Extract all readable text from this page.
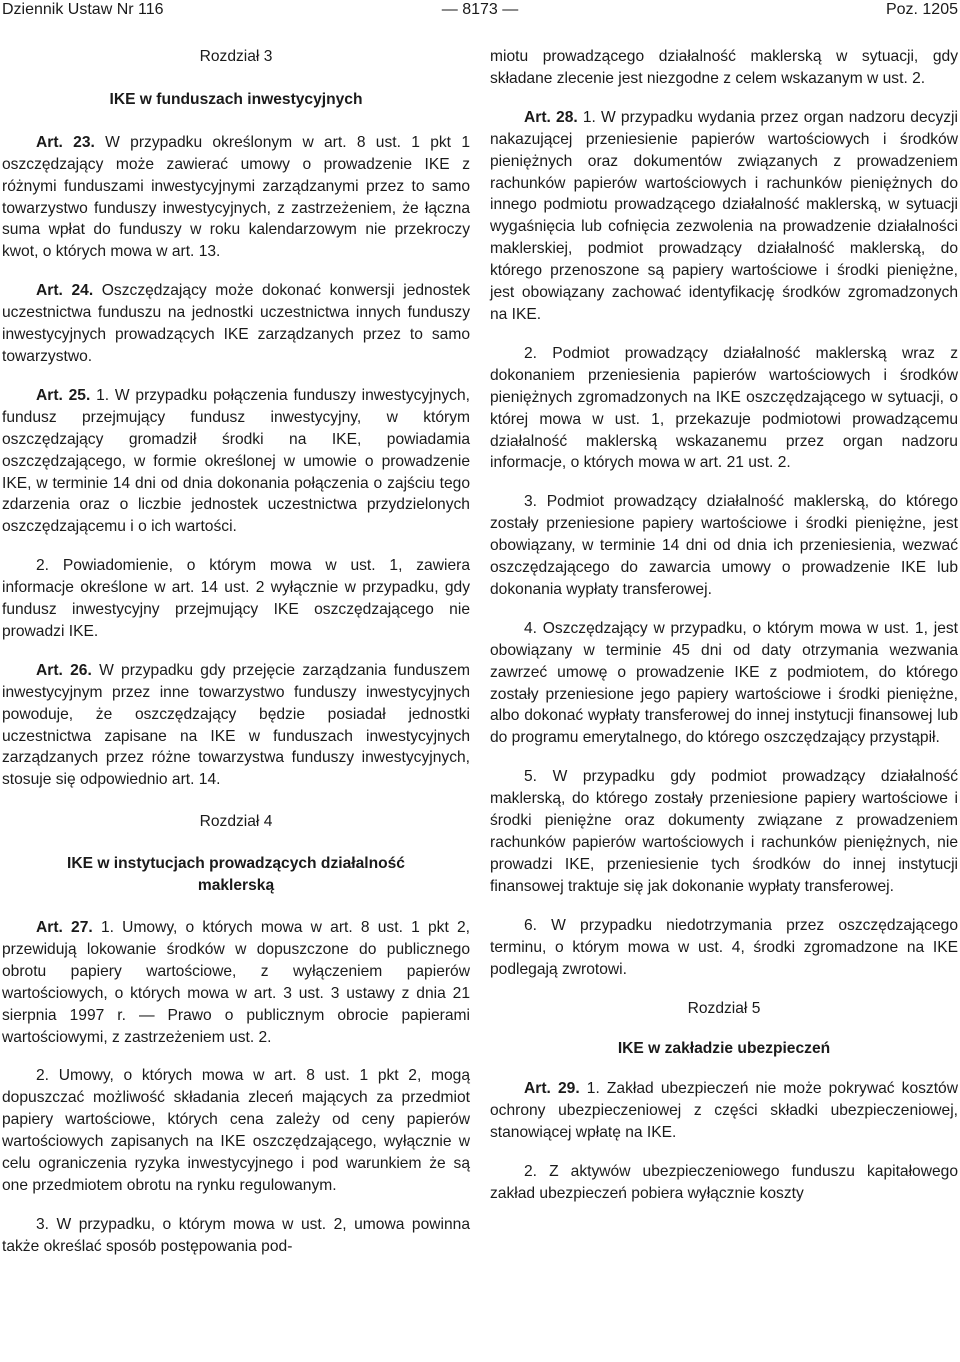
Dziennik Ustaw Nr 116	— 8173 —	Poz. 1205

Rozdział 3

IKE w funduszach inwestycyjnych

Art. 23. W przypadku określonym w art. 8 ust. 1 pkt 1 oszczędzający może zawierać umowy o prowadzenie IKE z różnymi funduszami inwestycyjnymi zarządzanymi przez to samo towarzystwo funduszy inwestycyjnych, z zastrzeżeniem, że łączna suma wpłat do funduszy w roku kalendarzowym nie przekroczy kwot, o których mowa w art. 13.

Art. 24. Oszczędzający może dokonać konwersji jednostek uczestnictwa funduszu na jednostki uczestnictwa innych funduszy inwestycyjnych prowadzących IKE zarządzanych przez to samo towarzystwo.

Art. 25. 1. W przypadku połączenia funduszy inwestycyjnych, fundusz przejmujący fundusz inwestycyjny, w którym oszczędzający gromadził środki na IKE, powiadamia oszczędzającego, w formie określonej w umowie o prowadzenie IKE, w terminie 14 dni od dnia dokonania połączenia o zajściu tego zdarzenia oraz o liczbie jednostek uczestnictwa przydzielonych oszczędzającemu i o ich wartości.

2. Powiadomienie, o którym mowa w ust. 1, zawiera informacje określone w art. 14 ust. 2 wyłącznie w przypadku, gdy fundusz inwestycyjny przejmujący IKE oszczędzającego nie prowadzi IKE.

Art. 26. W przypadku gdy przejęcie zarządzania funduszem inwestycyjnym przez inne towarzystwo funduszy inwestycyjnych powoduje, że oszczędzający będzie posiadał jednostki uczestnictwa zapisane na IKE w funduszach inwestycyjnych zarządzanych przez różne towarzystwa funduszy inwestycyjnych, stosuje się odpowiednio art. 14.

Rozdział 4

IKE w instytucjach prowadzących działalność maklerską

Art. 27. 1. Umowy, o których mowa w art. 8 ust. 1 pkt 2, przewidują lokowanie środków w dopuszczone do publicznego obrotu papiery wartościowe, z wyłączeniem papierów wartościowych, o których mowa w art. 3 ust. 3 ustawy z dnia 21 sierpnia 1997 r. — Prawo o publicznym obrocie papierami wartościowymi, z zastrzeżeniem ust. 2.

2. Umowy, o których mowa w art. 8 ust. 1 pkt 2, mogą dopuszczać możliwość składania zleceń mających za przedmiot papiery wartościowe, których cena zależy od ceny papierów wartościowych zapisanych na IKE oszczędzającego, wyłącznie w celu ograniczenia ryzyka inwestycyjnego i pod warunkiem że są one przedmiotem obrotu na rynku regulowanym.

3. W przypadku, o którym mowa w ust. 2, umowa powinna także określać sposób postępowania pod-

miotu prowadzącego działalność maklerską w sytuacji, gdy składane zlecenie jest niezgodne z celem wskazanym w ust. 2.

Art. 28. 1. W przypadku wydania przez organ nadzoru decyzji nakazującej przeniesienie papierów wartościowych i środków pieniężnych oraz dokumentów związanych z prowadzeniem rachunków papierów wartościowych i rachunków pieniężnych do innego podmiotu prowadzącego działalność maklerską, w sytuacji wygaśnięcia lub cofnięcia zezwolenia na prowadzenie działalności maklerskiej, podmiot prowadzący działalność maklerską, do którego przenoszone są papiery wartościowe i środki pieniężne, jest obowiązany zachować identyfikację środków zgromadzonych na IKE.

2. Podmiot prowadzący działalność maklerską wraz z dokonaniem przeniesienia papierów wartościowych i środków pieniężnych zgromadzonych na IKE oszczędzającego w sytuacji, o której mowa w ust. 1, przekazuje podmiotowi prowadzącemu działalność maklerską wskazanemu przez organ nadzoru informacje, o których mowa w art. 21 ust. 2.

3. Podmiot prowadzący działalność maklerską, do którego zostały przeniesione papiery wartościowe i środki pieniężne, jest obowiązany, w terminie 14 dni od dnia ich przeniesienia, wezwać oszczędzającego do zawarcia umowy o prowadzenie IKE lub dokonania wypłaty transferowej.

4. Oszczędzający w przypadku, o którym mowa w ust. 1, jest obowiązany w terminie 45 dni od daty otrzymania wezwania zawrzeć umowę o prowadzenie IKE z podmiotem, do którego zostały przeniesione jego papiery wartościowe i środki pieniężne, albo dokonać wypłaty transferowej do innej instytucji finansowej lub do programu emerytalnego, do którego oszczędzający przystąpił.

5. W przypadku gdy podmiot prowadzący działalność maklerską, do którego zostały przeniesione papiery wartościowe i środki pieniężne oraz dokumenty związane z prowadzeniem rachunków papierów wartościowych i rachunków pieniężnych, nie prowadzi IKE, przeniesienie tych środków do innej instytucji finansowej traktuje się jak dokonanie wypłaty transferowej.

6. W przypadku niedotrzymania przez oszczędzającego terminu, o którym mowa w ust. 4, środki zgromadzone na IKE podlegają zwrotowi.

Rozdział 5

IKE w zakładzie ubezpieczeń

Art. 29. 1. Zakład ubezpieczeń nie może pokrywać kosztów ochrony ubezpieczeniowej z części składki ubezpieczeniowej, stanowiącej wpłatę na IKE.

2. Z aktywów ubezpieczeniowego funduszu kapitałowego zakład ubezpieczeń pobiera wyłącznie koszty
